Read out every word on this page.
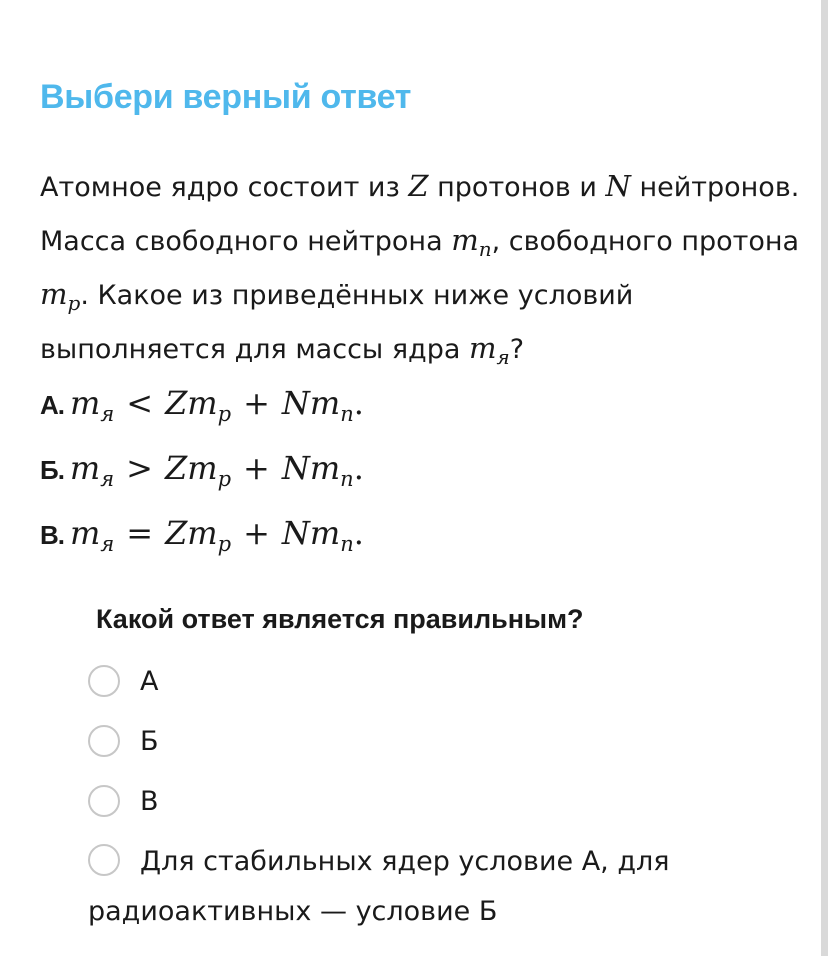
Выбери верный ответ
Атомное ядро состоит из Z протонов и N нейтронов. Масса свободного нейтрона $m_n$, свободного протона $m_p$. Какое из приведённых ниже условий выполняется для массы ядра $m_я$?
А. $m_я < Zm_p + Nm_n$.
Б. $m_я > Zm_p + Nm_n$.
В. $m_я = Zm_p + Nm_n$.
Какой ответ является правильным?
А
Б
В
Для стабильных ядер условие А, для радиоактивных — условие Б
